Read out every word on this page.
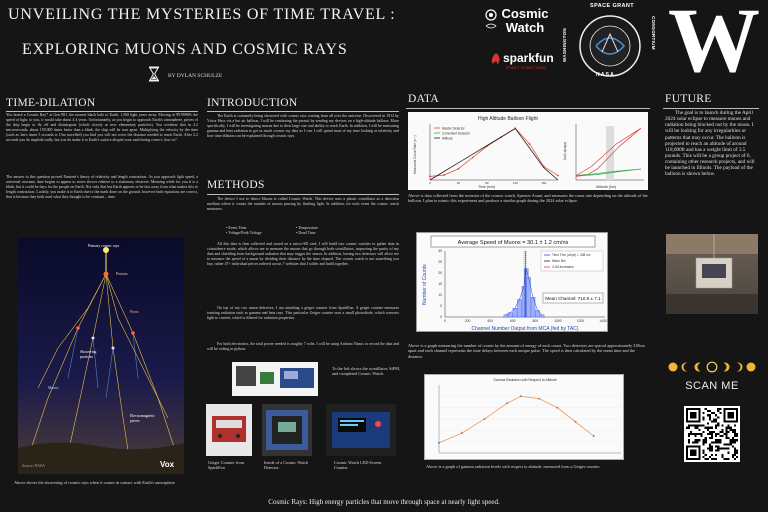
UNVEILING THE MYSTERIES OF TIME TRAVEL :
EXPLORING MUONS AND COSMIC RAYS
BY DYLAN SCHULZE
Cosmic
Watch
sparkfun
START SOMETHING
SPACE GRANT
WASHINGTON	CONSORTIUM
N A S A W
TIME-DILATION
You board a Cosmic Ray* at Gen 881, the nearest black hole to Earth, 1,560 light years away. Moving at 99.9996% the speed of light, to you, it would take about 4.4 years. Unfortunately, as you begin to approach Earth's atmosphere, pieces of the ship begin to fly off and disintegrate (which closely as new elementary particles). You overhear that in 2.2 microseconds, about 159,000 times faster than a blink, the ship will be torn apart. Multiplying the velocity by the time (such as 3m/s times 5 seconds is 15m travelled) you find you will not cover the distance needed to reach Earth. After 2.2 seconds you do implode sadly, but you do make it to Earth's surface despite your earth being correct, how so?
The answer to this question proved Einstein's theory of relativity and length contraction. As you approach light speed, a universal constant, time begins to appear to move slower relative to a stationary observer. Meaning while for you it is a blink, but it could be days for the people on Earth. Not only that but Earth appears to be fast away from what makes this to length contraction. Luckily, you make it to Earth due to the math done on the ground, however both equations are correct, that is because they both used what they thought to be constant... time.
Primary cosmic rays
Protons
Pions
Showering particles
Muons
Electromagnetic pieces
Source: NASA	Vox
Above shows the showering of cosmic rays when it comes in contact with Earth's atmosphere
INTRODUCTION
The Earth is constantly being showered with cosmic rays coming from all over the universe. Discovered in 1912 by Victor Hess via a hot air balloon, I will be continuing the pursuit by sending my devices on a high-altitude balloon. More specifically, I will be investigating muons due to their large size and ability to reach Earth. In addition, I will be measuring gamma and beta radiation to get as much cosmic ray data as I can. I will spend most of my time looking at relativity and how time dilation can be explained through cosmic rays.
METHODS
The device I use to detect Muons is called Cosmic Watch. This device uses a plastic scintillator as a detection medium where it counts the number of muons passing by flashing light. In addition, for each event the cosmic watch measures:
• Event Time
• Voltage/Peak Voltage
• Temperature
• Dead Time
All this data is then collected and stored on a micro-SD card. I will build two cosmic watches to gather data in coincidence mode, which allows me to measure the muons that go through both scintillators, improving the purity of my data and shielding from background radiation that may trigger the sensor. In addition, having two detectors will allow me to measure the speed of a muon by dividing their distance by the time elapsed. The cosmic watch is not something you buy, rather 47+ individual pieces ordered across 7 websites that I solder and build together.
On top of my two muon detectors, I am attaching a geiger counter from SparkFun. A geiger counter measures ionizing radiation such as gamma and beta rays. This particular Geiger counter uses a small photodiode, which converts light to current, which is filtered for radiation properties.
For both electronics, the total power needed is roughly 7 volts. I will be using Arduino Nanos to record the data and will be coding in python.
To the left shows the scintillator, SiPM, and completed Cosmic Watch.
Geiger Counter from SparkFun
Inside of a Cosmic Watch Detector
Cosmic Watch LED Screen Counter
DATA
High Altitude Balloon Flight
Time (min)
Measured Count Rate (s⁻¹)	Altitude (km)
Master Detector
Coincident Detector
Altitude
0	40	80	120	160
Altitude (km)
Above is data collected from the inventor of the cosmic watch, Spencer Axani, and measures the count rate depending on the altitude of the balloon. I plan to mimic this experiment and produce a similar graph during the 2024 solar eclipse.
Average Speed of Muons = 30.1 ± 1.2 cm/ns
Channel Number Output from MCA (fed by TAC)
Number of Counts
Time Trim (u/u)e) = 338 cm
Mean Bin
2-Sd Increases
Mean Channel: 710.9 ± 7.1
0	200	400	600	800	1000	1200	1400
0
5
10
15
20
25
30
Above is a graph measuring the number of counts by the amount of energy of each count. Two detectors are spaced approximately 338cm apart and each channel represents the time delays between each unique pulse. The speed is then calculated by the mean time and the distance.
Gamma Radiation with Respect to Altitude
Above is a graph of gamma radiation levels with respect to altitude, measured from a Geiger counter.
FUTURE
The goal is to launch during the April 2024 solar eclipse to measure muons and radiation being blocked out by the moon. I will be looking for any irregularities or patterns that may occur. The balloon is projected to reach an altitude of around 118,000ft and has a weight limit of 3.5 pounds. This will be a group project of 6, containing other research projects, and will be launched in Illinois. The payload of the balloon is shown below.
SCAN ME
Cosmic Rays: High energy particles that move through space at nearly light speed.
